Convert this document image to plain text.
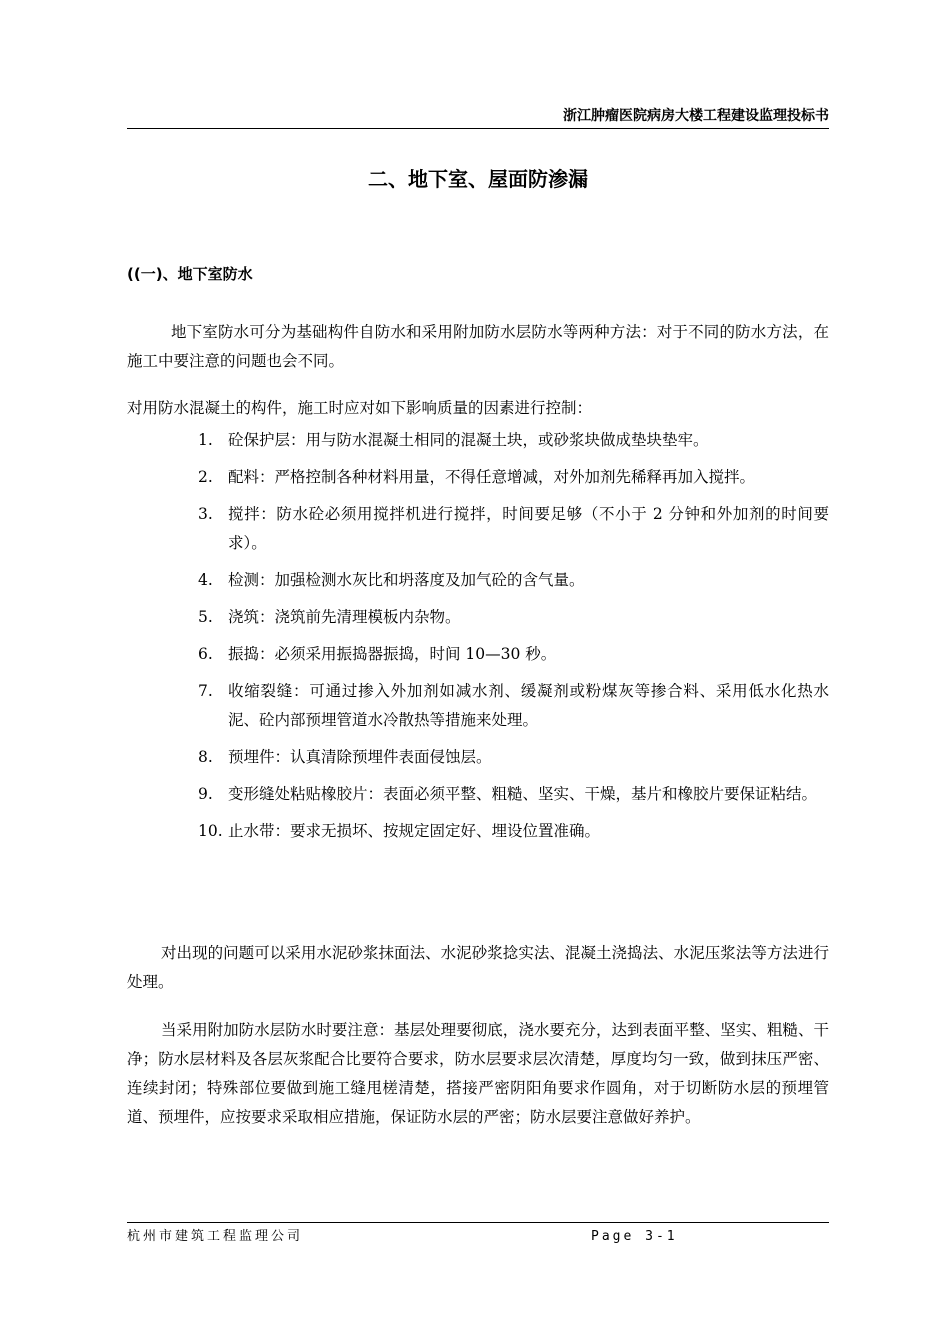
浙江肿瘤医院病房大楼工程建设监理投标书
二、地下室、屋面防渗漏
((一)、地下室防水
地下室防水可分为基础构件自防水和采用附加防水层防水等两种方法：对于不同的防水方法，在施工中要注意的问题也会不同。
对用防水混凝土的构件，施工时应对如下影响质量的因素进行控制：
1. 砼保护层：用与防水混凝土相同的混凝土块，或砂浆块做成垫块垫牢。
2. 配料：严格控制各种材料用量，不得任意增减，对外加剂先稀释再加入搅拌。
3. 搅拌：防水砼必须用搅拌机进行搅拌，时间要足够（不小于 2 分钟和外加剂的时间要求）。
4. 检测：加强检测水灰比和坍落度及加气砼的含气量。
5. 浇筑：浇筑前先清理模板内杂物。
6. 振捣：必须采用振捣器振捣，时间 10—30 秒。
7. 收缩裂缝：可通过掺入外加剂如减水剂、缓凝剂或粉煤灰等掺合料、采用低水化热水泥、砼内部预埋管道水冷散热等措施来处理。
8. 预埋件：认真清除预埋件表面侵蚀层。
9. 变形缝处粘贴橡胶片：表面必须平整、粗糙、坚实、干燥，基片和橡胶片要保证粘结。
10. 止水带：要求无损坏、按规定固定好、埋设位置准确。
对出现的问题可以采用水泥砂浆抹面法、水泥砂浆捻实法、混凝土浇捣法、水泥压浆法等方法进行处理。
当采用附加防水层防水时要注意：基层处理要彻底，浇水要充分，达到表面平整、坚实、粗糙、干净；防水层材料及各层灰浆配合比要符合要求，防水层要求层次清楚，厚度均匀一致，做到抹压严密、连续封闭；特殊部位要做到施工缝甩槎清楚，搭接严密阴阳角要求作圆角，对于切断防水层的预埋管道、预埋件，应按要求采取相应措施，保证防水层的严密；防水层要注意做好养护。
杭州市建筑工程监理公司	Page 3-1
